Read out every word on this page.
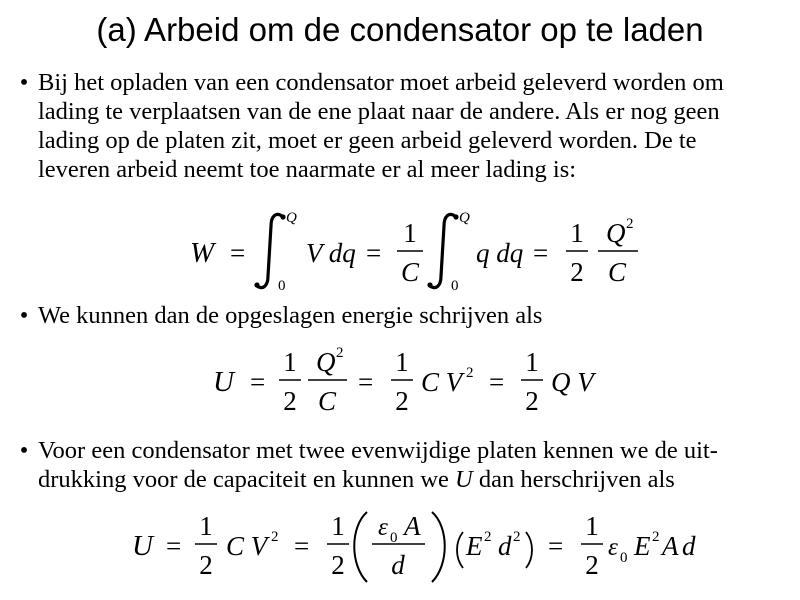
(a) Arbeid om de condensator op te laden
• Bij het opladen van een condensator moet arbeid geleverd worden om
lading te verplaatsen van de ene plaat naar de andere. Als er nog geen
lading op de platen zit, moet er geen arbeid geleverd worden. De te
leveren arbeid neemt toe naarmate er al meer lading is:
W =
Q
0
V dq =
1
C
Q
0
q dq =
1
2
Q 2
C
• We kunnen dan de opgeslagen energie schrijven als
U =
1
2
Q 2
C
=
1
2
C V 2 =
1
2
Q V
• Voor een condensator met twee evenwijdige platen kennen we de uit-
drukking voor de capaciteit en kunnen we U dan herschrijven als
U =
1
2
C V 2 =
1
2
ε 0 A
d
E 2 d 2 =
1
2
ε 0 E 2 A d
